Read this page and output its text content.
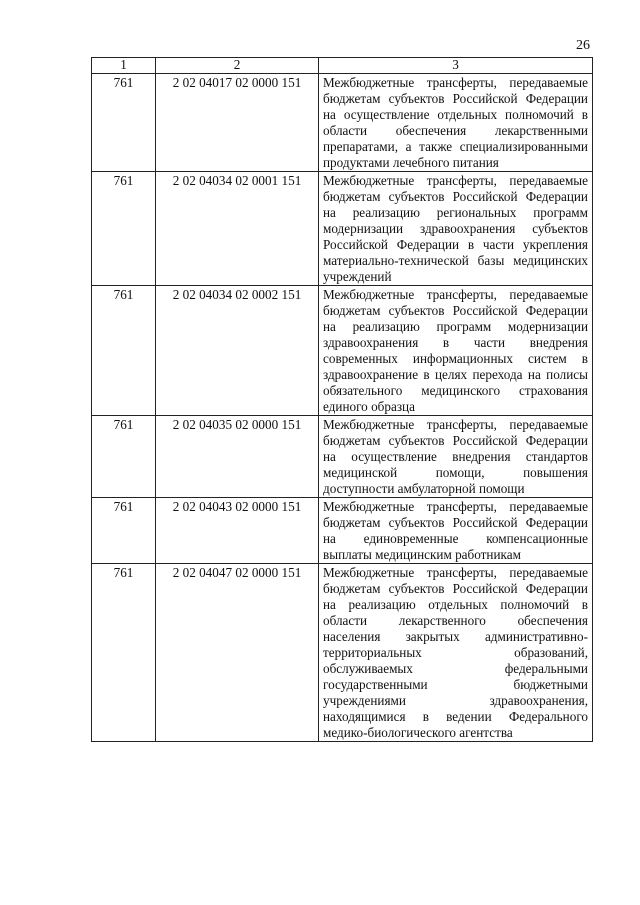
26
1	2	3
761	2 02 04017 02 0000 151	Межбюджетные трансферты, передаваемые бюджетам субъектов Российской Федерации на осуществление отдельных полномочий в области обеспечения лекарственными препаратами, а также специализированными продуктами лечебного питания
761	2 02 04034 02 0001 151	Межбюджетные трансферты, передаваемые бюджетам субъектов Российской Федерации на реализацию региональных программ модернизации здравоохранения субъектов Российской Федерации в части укрепления материально-технической базы медицинских учреждений
761	2 02 04034 02 0002 151	Межбюджетные трансферты, передаваемые бюджетам субъектов Российской Федерации на реализацию программ модернизации здравоохранения в части внедрения современных информационных систем в здравоохранение в целях перехода на полисы обязательного медицинского страхования единого образца
761	2 02 04035 02 0000 151	Межбюджетные трансферты, передаваемые бюджетам субъектов Российской Федерации на осуществление внедрения стандартов медицинской помощи, повышения доступности амбулаторной помощи
761	2 02 04043 02 0000 151	Межбюджетные трансферты, передаваемые бюджетам субъектов Российской Федерации на единовременные компенсационные выплаты медицинским работникам
761	2 02 04047 02 0000 151	Межбюджетные трансферты, передаваемые бюджетам субъектов Российской Федерации на реализацию отдельных полномочий в области лекарственного обеспечения населения закрытых административно-территориальных образований, обслуживаемых федеральными государственными бюджетными учреждениями здравоохранения, находящимися в ведении Федерального медико-биологического агентства
